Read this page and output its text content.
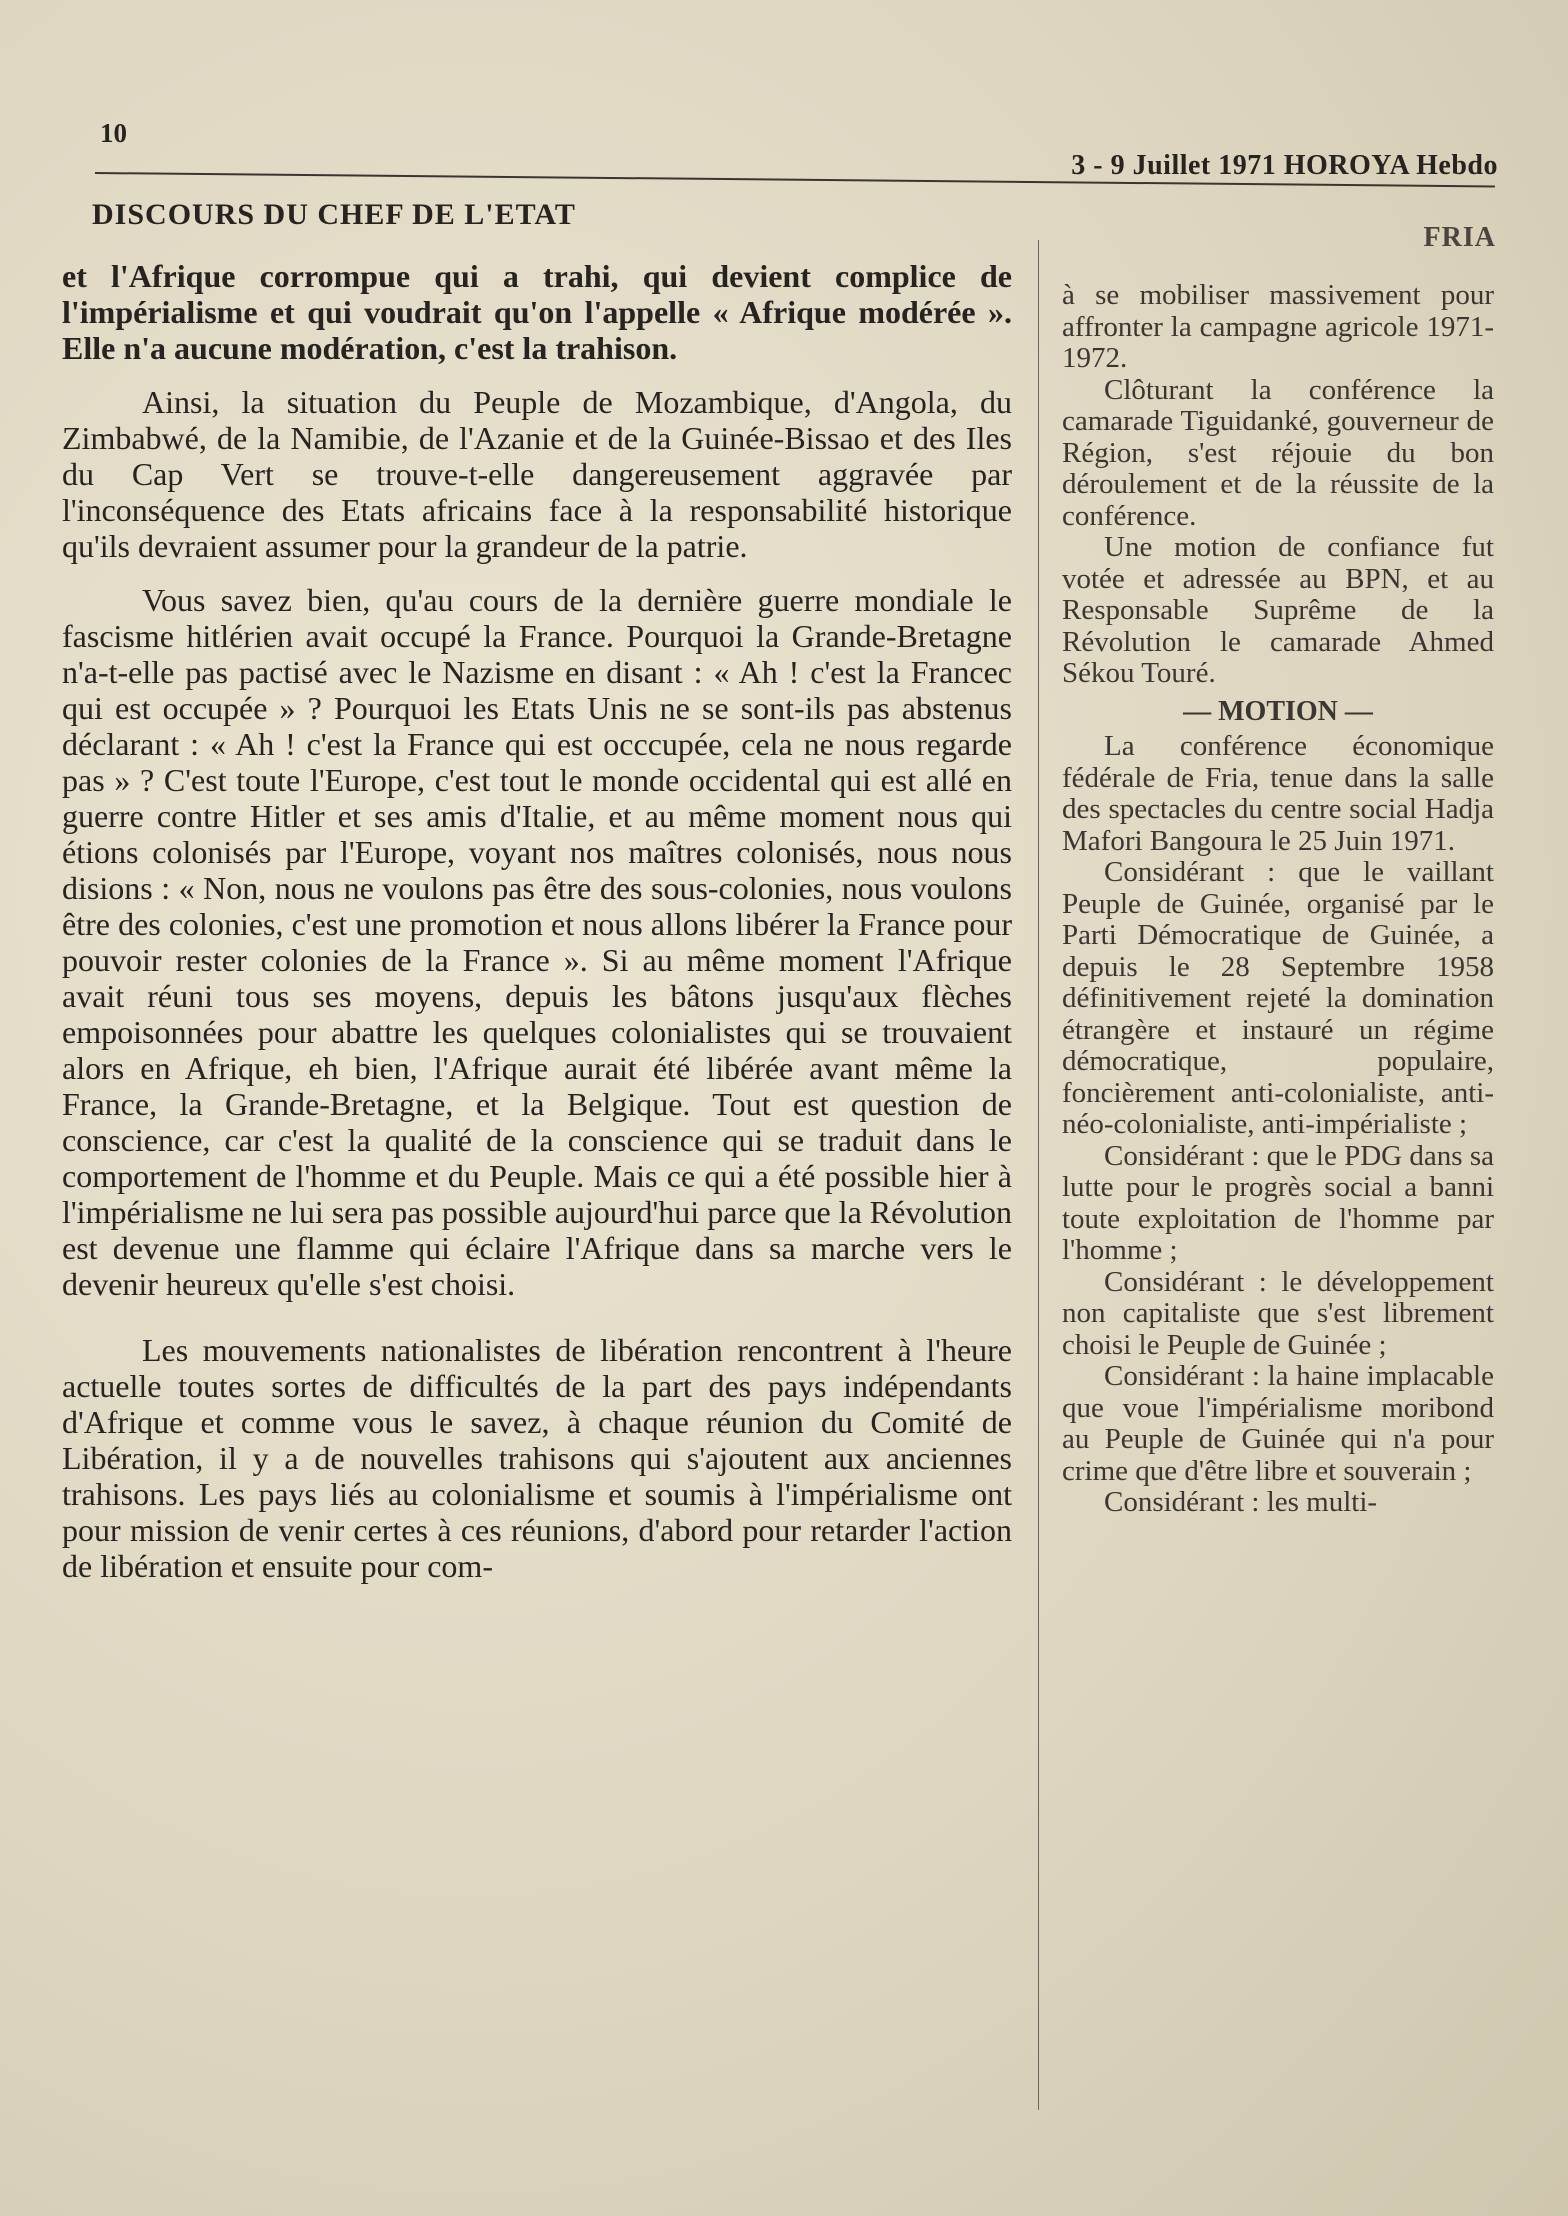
10
3 - 9 Juillet 1971 HOROYA Hebdo
DISCOURS DU CHEF DE L'ETAT
FRIA

et l'Afrique corrompue qui a trahi, qui devient complice de l'impérialisme et qui voudrait qu'on l'appelle « Afrique modérée ». Elle n'a aucune modération, c'est la trahison.

Ainsi, la situation du Peuple de Mozambique, d'Angola, du Zimbabwé, de la Namibie, de l'Azanie et de la Guinée-Bissao et des Iles du Cap Vert se trouve-t-elle dangereusement aggravée par l'inconséquence des Etats africains face à la responsabilité historique qu'ils devraient assumer pour la grandeur de la patrie.

Vous savez bien, qu'au cours de la dernière guerre mondiale le fascisme hitlérien avait occupé la France. Pourquoi la Grande-Bretagne n'a-t-elle pas pactisé avec le Nazisme en disant : « Ah ! c'est la Francec qui est occupée » ? Pourquoi les Etats Unis ne se sont-ils pas abstenus déclarant : « Ah ! c'est la France qui est occcupée, cela ne nous regarde pas » ? C'est toute l'Europe, c'est tout le monde occidental qui est allé en guerre contre Hitler et ses amis d'Italie, et au même moment nous qui étions colonisés par l'Europe, voyant nos maîtres colonisés, nous nous disions : « Non, nous ne voulons pas être des sous-colonies, nous voulons être des colonies, c'est une promotion et nous allons libérer la France pour pouvoir rester colonies de la France ». Si au même moment l'Afrique avait réuni tous ses moyens, depuis les bâtons jusqu'aux flèches empoisonnées pour abattre les quelques colonialistes qui se trouvaient alors en Afrique, eh bien, l'Afrique aurait été libérée avant même la France, la Grande-Bretagne, et la Belgique. Tout est question de conscience, car c'est la qualité de la conscience qui se traduit dans le comportement de l'homme et du Peuple. Mais ce qui a été possible hier à l'impérialisme ne lui sera pas possible aujourd'hui parce que la Révolution est devenue une flamme qui éclaire l'Afrique dans sa marche vers le devenir heureux qu'elle s'est choisi.

Les mouvements nationalistes de libération rencontrent à l'heure actuelle toutes sortes de difficultés de la part des pays indépendants d'Afrique et comme vous le savez, à chaque réunion du Comité de Libération, il y a de nouvelles trahisons qui s'ajoutent aux anciennes trahisons. Les pays liés au colonialisme et soumis à l'impérialisme ont pour mission de venir certes à ces réunions, d'abord pour retarder l'action de libération et ensuite pour com-

à se mobiliser massivement pour affronter la campagne agricole 1971-1972.

Clôturant la conférence la camarade Tiguidanké, gouverneur de Région, s'est réjouie du bon déroulement et de la réussite de la conférence.

Une motion de confiance fut votée et adressée au BPN, et au Responsable Suprême de la Révolution le camarade Ahmed Sékou Touré.

— MOTION —

La conférence économique fédérale de Fria, tenue dans la salle des spectacles du centre social Hadja Mafori Bangoura le 25 Juin 1971.

Considérant : que le vaillant Peuple de Guinée, organisé par le Parti Démocratique de Guinée, a depuis le 28 Septembre 1958 définitivement rejeté la domination étrangère et instauré un régime démocratique, populaire, foncièrement anti-colonialiste, anti-néo-colonialiste, anti-impérialiste ;

Considérant : que le PDG dans sa lutte pour le progrès social a banni toute exploitation de l'homme par l'homme ;

Considérant : le développement non capitaliste que s'est librement choisi le Peuple de Guinée ;

Considérant : la haine implacable que voue l'impérialisme moribond au Peuple de Guinée qui n'a pour crime que d'être libre et souverain ;

Considérant : les multi-
